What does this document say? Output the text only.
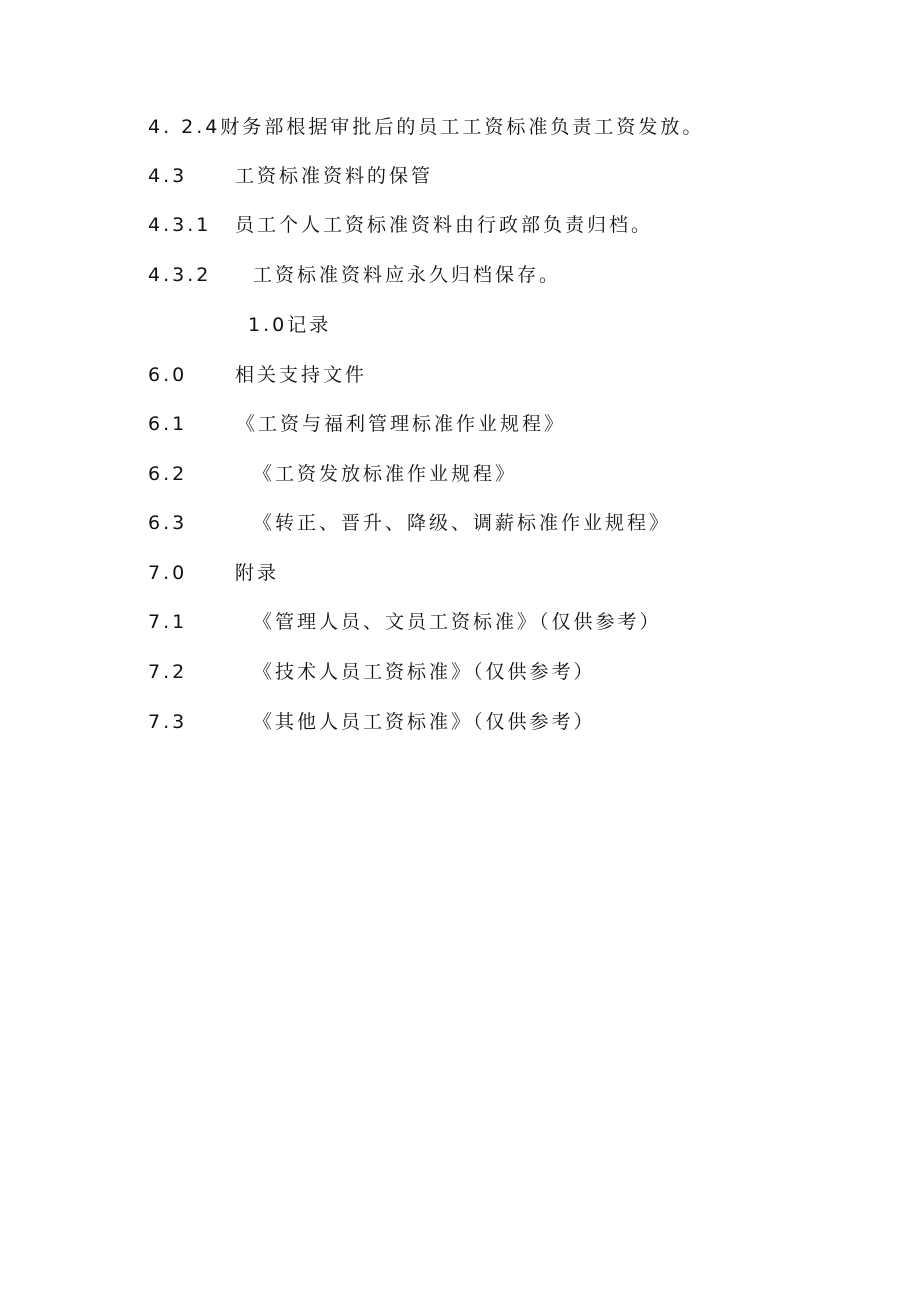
4. 2.4财务部根据审批后的员工工资标准负责工资发放。
4.3	工资标准资料的保管
4.3.1 员工个人工资标准资料由行政部负责归档。
4.3.2 工资标准资料应永久归档保存。
1.0记录
6.0	相关支持文件
6.1	《工资与福利管理标准作业规程》
6.2	《工资发放标准作业规程》
6.3	《转正、晋升、降级、调薪标准作业规程》
7.0	附录
7.1	《管理人员、文员工资标准》（仅供参考）
7.2	《技术人员工资标准》（仅供参考）
7.3	《其他人员工资标准》（仅供参考）
